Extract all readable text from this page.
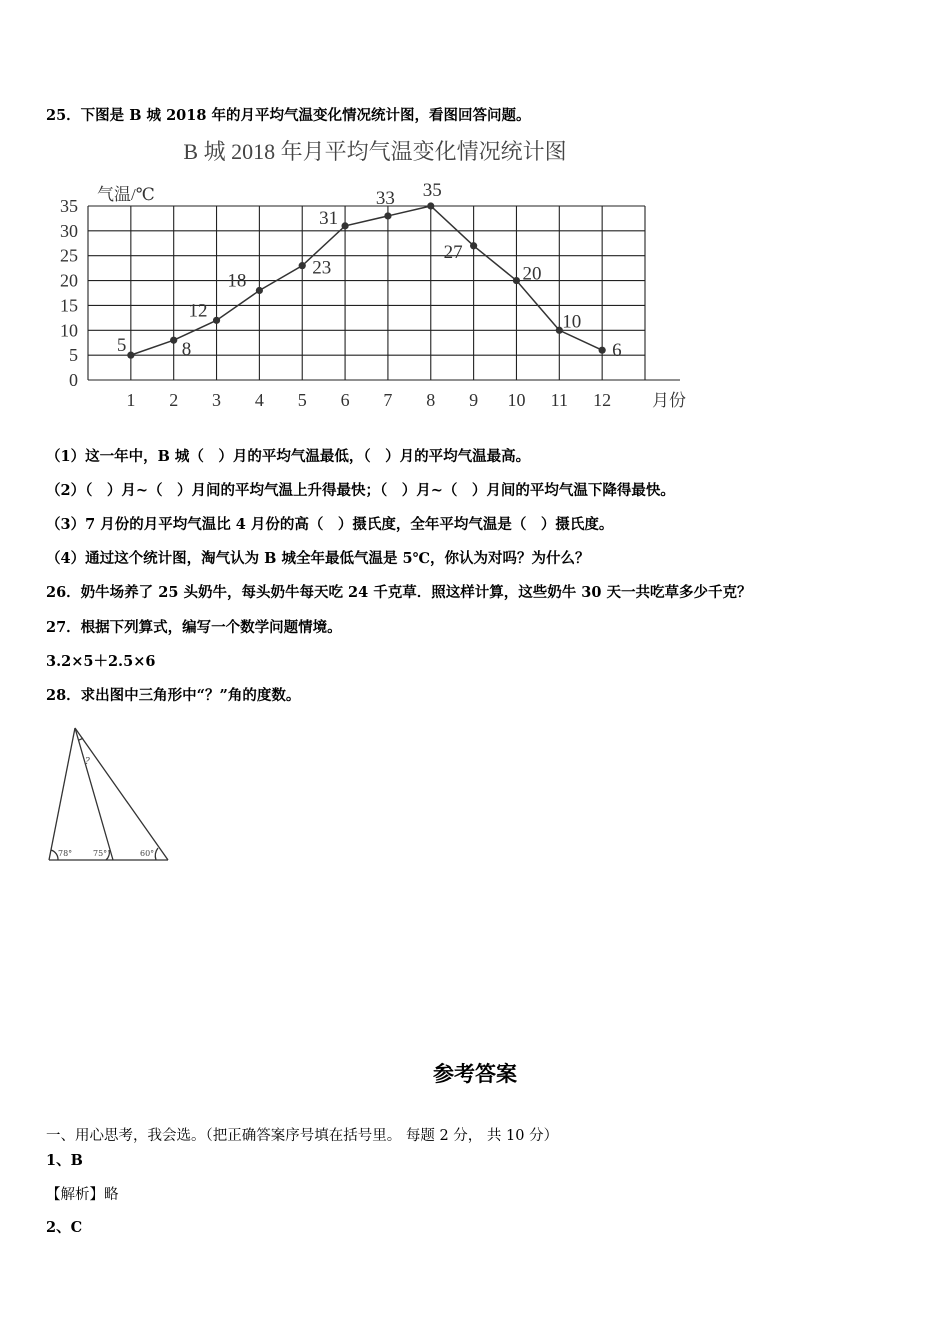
25．下图是 B 城 2018 年的月平均气温变化情况统计图，看图回答问题。
B 城 2018 年月平均气温变化情况统计图
气温/℃
月份
0
5
10
15
20
25
30
35
1 2 3 4 5 6 7 8 9 10 11 12
5	8
12
18
23
31
33 35
27
20
10
6
（1）这一年中，B 城（　）月的平均气温最低，（　）月的平均气温最高。
（2）（　）月~（　）月间的平均气温上升得最快；（　）月~（　）月间的平均气温下降得最快。
（3）7 月份的月平均气温比 4 月份的高（　）摄氏度，全年平均气温是（　）摄氏度。
（4）通过这个统计图，淘气认为 B 城全年最低气温是 5℃，你认为对吗？为什么？
26．奶牛场养了 25 头奶牛，每头奶牛每天吃 24 千克草．照这样计算，这些奶牛 30 天一共吃草多少千克？
27．根据下列算式，编写一个数学问题情境。
3.2×5＋2.5×6
28．求出图中三角形中“？”角的度数。
78°	75°	60°
?
参考答案
一、用心思考，我会选。（把正确答案序号填在括号里。 每题 2 分， 共 10 分）
1、B
【解析】略
2、C
